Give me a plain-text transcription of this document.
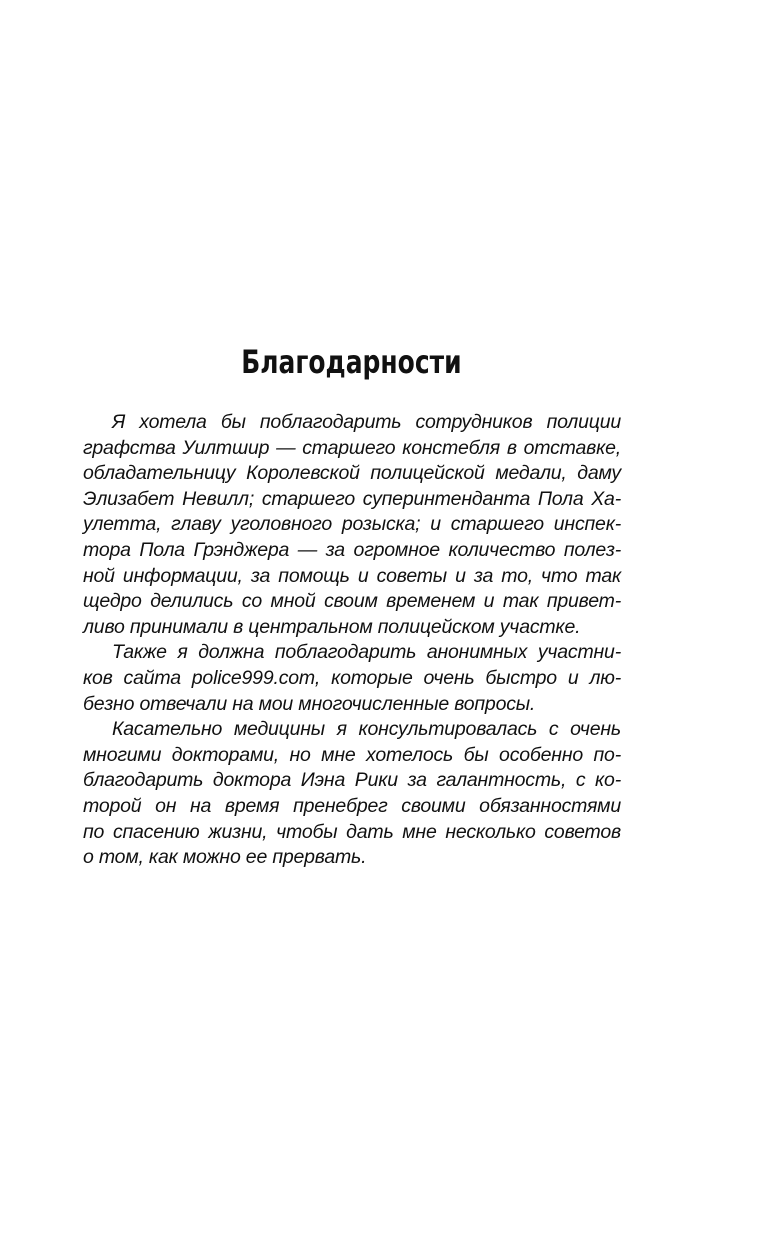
Благодарности
Я хотела бы поблагодарить сотрудников полиции
графства Уилтшир — старшего констебля в отставке,
обладательницу Королевской полицейской медали, даму
Элизабет Невилл; старшего суперинтенданта Пола Ха-
улетта, главу уголовного розыска; и старшего инспек-
тора Пола Грэнджера — за огромное количество полез-
ной информации, за помощь и советы и за то, что так
щедро делились со мной своим временем и так привет-
ливо принимали в центральном полицейском участке.
Также я должна поблагодарить анонимных участни-
ков сайта police999.com, которые очень быстро и лю-
безно отвечали на мои многочисленные вопросы.
Касательно медицины я консультировалась с очень
многими докторами, но мне хотелось бы особенно по-
благодарить доктора Иэна Рики за галантность, с ко-
торой он на время пренебрег своими обязанностями
по спасению жизни, чтобы дать мне несколько советов
о том, как можно ее прервать.
